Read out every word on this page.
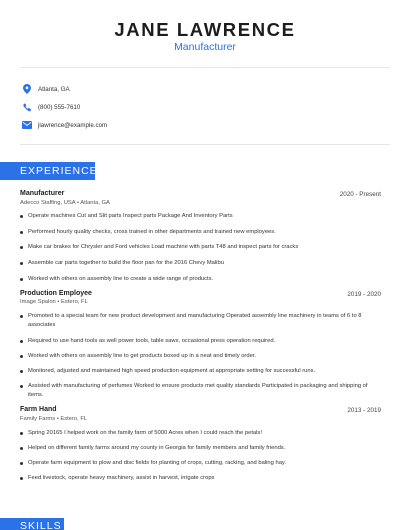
JANE LAWRENCE
Manufacturer
Atlanta, GA
(800) 555-7610
jlawrence@example.com
EXPERIENCE
Manufacturer	2020 - Present
Adecco Staffing, USA • Atlanta, GA
Operate machines Cut and Slit parts Inspect parts Package And Inventory Parts
Performed hourly quality checks, cross trained in other departments and trained new employees.
Make car brakes for Chrysler and Ford vehicles Load machine with parts T48 and inspect parts for cracks
Assemble car parts together to build the floor pan for the 2016 Chevy Malibu
Worked with others on assembly line to create a wide range of products.
Production Employee	2019 - 2020
Image Spalon • Estero, FL
Promoted to a special team for new product development and manufacturing Operated assembly line machinery in teams of 6 to 8 associates
Required to use hand tools as well power tools, table saws, occasional press operation required.
Worked with others on assembly line to get products boxed up in a neat and timely order.
Monitored, adjusted and maintained high speed production equipment at appropriate setting for successful runs.
Assisted with manufacturing of perfumes Worked to ensure products met quality standards Participated in packaging and shipping of items.
Farm Hand	2013 - 2019
Family Farms • Estero, FL
Spring 20165 I helped work on the family farm of 5000 Acres when I could reach the petals!
Helped on different family farms around my county in Georgia for family members and family friends.
Operate farm equipment to plow and disc fields for planting of crops, cutting, racking, and baling hay.
Feed livestock, operate heavy machinery, assist in harvest, irrigate crops
SKILLS
